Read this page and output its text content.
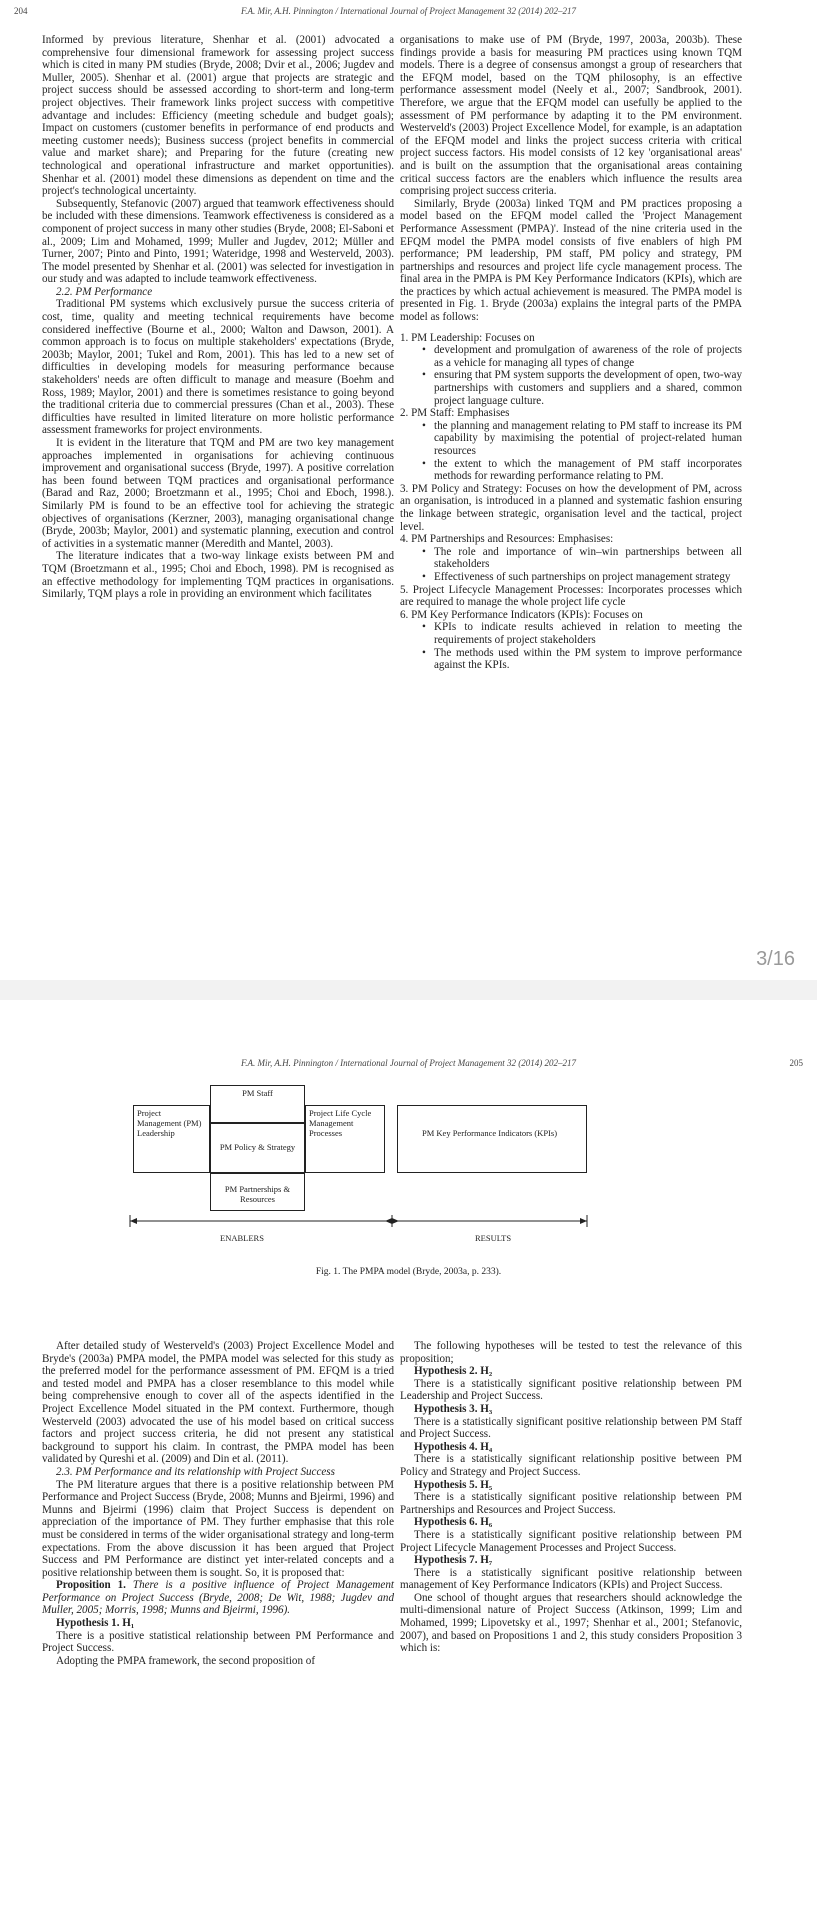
204	F.A. Mir, A.H. Pinnington / International Journal of Project Management 32 (2014) 202–217

Informed by previous literature, Shenhar et al. (2001) advocated a comprehensive four dimensional framework for assessing project success which is cited in many PM studies (Bryde, 2008; Dvir et al., 2006; Jugdev and Muller, 2005). Shenhar et al. (2001) argue that projects are strategic and project success should be assessed according to short-term and long-term project objectives. Their framework links project success with competitive advantage and includes: Efficiency (meeting schedule and budget goals); Impact on customers (customer benefits in performance of end products and meeting customer needs); Business success (project benefits in commercial value and market share); and Preparing for the future (creating new technological and operational infrastructure and market opportunities). Shenhar et al. (2001) model these dimensions as dependent on time and the project's technological uncertainty.

Subsequently, Stefanovic (2007) argued that teamwork effectiveness should be included with these dimensions. Teamwork effectiveness is considered as a component of project success in many other studies (Bryde, 2008; El-Saboni et al., 2009; Lim and Mohamed, 1999; Muller and Jugdev, 2012; Müller and Turner, 2007; Pinto and Pinto, 1991; Wateridge, 1998 and Westerveld, 2003). The model presented by Shenhar et al. (2001) was selected for investigation in our study and was adapted to include teamwork effectiveness.

2.2. PM Performance

Traditional PM systems which exclusively pursue the success criteria of cost, time, quality and meeting technical requirements have become considered ineffective (Bourne et al., 2000; Walton and Dawson, 2001). A common approach is to focus on multiple stakeholders' expectations (Bryde, 2003b; Maylor, 2001; Tukel and Rom, 2001). This has led to a new set of difficulties in developing models for measuring performance because stakeholders' needs are often difficult to manage and measure (Boehm and Ross, 1989; Maylor, 2001) and there is sometimes resistance to going beyond the traditional criteria due to commercial pressures (Chan et al., 2003). These difficulties have resulted in limited literature on more holistic performance assessment frameworks for project environments.

It is evident in the literature that TQM and PM are two key management approaches implemented in organisations for achieving continuous improvement and organisational success (Bryde, 1997). A positive correlation has been found between TQM practices and organisational performance (Barad and Raz, 2000; Broetzmann et al., 1995; Choi and Eboch, 1998.). Similarly PM is found to be an effective tool for achieving the strategic objectives of organisations (Kerzner, 2003), managing organisational change (Bryde, 2003b; Maylor, 2001) and systematic planning, execution and control of activities in a systematic manner (Meredith and Mantel, 2003).

The literature indicates that a two-way linkage exists between PM and TQM (Broetzmann et al., 1995; Choi and Eboch, 1998). PM is recognised as an effective methodology for implementing TQM practices in organisations. Similarly, TQM plays a role in providing an environment which facilitates

organisations to make use of PM (Bryde, 1997, 2003a, 2003b). These findings provide a basis for measuring PM practices using known TQM models. There is a degree of consensus amongst a group of researchers that the EFQM model, based on the TQM philosophy, is an effective performance assessment model (Neely et al., 2007; Sandbrook, 2001). Therefore, we argue that the EFQM model can usefully be applied to the assessment of PM performance by adapting it to the PM environment. Westerveld's (2003) Project Excellence Model, for example, is an adaptation of the EFQM model and links the project success criteria with critical project success factors. His model consists of 12 key 'organisational areas' and is built on the assumption that the organisational areas containing critical success factors are the enablers which influence the results area comprising project success criteria.

Similarly, Bryde (2003a) linked TQM and PM practices proposing a model based on the EFQM model called the 'Project Management Performance Assessment (PMPA)'. Instead of the nine criteria used in the EFQM model the PMPA model consists of five enablers of high PM performance; PM leadership, PM staff, PM policy and strategy, PM partnerships and resources and project life cycle management process. The final area in the PMPA is PM Key Performance Indicators (KPIs), which are the practices by which actual achievement is measured. The PMPA model is presented in Fig. 1. Bryde (2003a) explains the integral parts of the PMPA model as follows:

1. PM Leadership: Focuses on
• development and promulgation of awareness of the role of projects as a vehicle for managing all types of change
• ensuring that PM system supports the development of open, two-way partnerships with customers and suppliers and a shared, common project language culture.
2. PM Staff: Emphasises
• the planning and management relating to PM staff to increase its PM capability by maximising the potential of project-related human resources
• the extent to which the management of PM staff incorporates methods for rewarding performance relating to PM.
3. PM Policy and Strategy: Focuses on how the development of PM, across an organisation, is introduced in a planned and systematic fashion ensuring the linkage between strategic, organisation level and the tactical, project level.
4. PM Partnerships and Resources: Emphasises:
• The role and importance of win–win partnerships between all stakeholders
• Effectiveness of such partnerships on project management strategy
5. Project Lifecycle Management Processes: Incorporates processes which are required to manage the whole project life cycle
6. PM Key Performance Indicators (KPIs): Focuses on
• KPIs to indicate results achieved in relation to meeting the requirements of project stakeholders
• The methods used within the PM system to improve performance against the KPIs.
3/16
F.A. Mir, A.H. Pinnington / International Journal of Project Management 32 (2014) 202–217	205
Project Management (PM) Leadership
PM Staff
PM Policy & Strategy
PM Partnerships & Resources
Project Life Cycle Management Processes	PM Key Performance Indicators (KPIs)
ENABLERS	RESULTS
Fig. 1. The PMPA model (Bryde, 2003a, p. 233).

After detailed study of Westerveld's (2003) Project Excellence Model and Bryde's (2003a) PMPA model, the PMPA model was selected for this study as the preferred model for the performance assessment of PM. EFQM is a tried and tested model and PMPA has a closer resemblance to this model while being comprehensive enough to cover all of the aspects identified in the Project Excellence Model situated in the PM context. Furthermore, though Westerveld (2003) advocated the use of his model based on critical success factors and project success criteria, he did not present any statistical background to support his claim. In contrast, the PMPA model has been validated by Qureshi et al. (2009) and Din et al. (2011).

2.3. PM Performance and its relationship with Project Success

The PM literature argues that there is a positive relationship between PM Performance and Project Success (Bryde, 2008; Munns and Bjeirmi, 1996) and Munns and Bjeirmi (1996) claim that Project Success is dependent on appreciation of the importance of PM. They further emphasise that this role must be considered in terms of the wider organisational strategy and long-term expectations. From the above discussion it has been argued that Project Success and PM Performance are distinct yet inter-related concepts and a positive relationship between them is sought. So, it is proposed that:

Proposition 1. There is a positive influence of Project Management Performance on Project Success (Bryde, 2008; De Wit, 1988; Jugdev and Muller, 2005; Morris, 1998; Munns and Bjeirmi, 1996).

Hypothesis 1. H₁

There is a positive statistical relationship between PM Performance and Project Success.

Adopting the PMPA framework, the second proposition of

The following hypotheses will be tested to test the relevance of this proposition;

Hypothesis 2. H₂

There is a statistically significant positive relationship between PM Leadership and Project Success.

Hypothesis 3. H₃

There is a statistically significant positive relationship between PM Staff and Project Success.

Hypothesis 4. H₄

There is a statistically significant relationship positive between PM Policy and Strategy and Project Success.

Hypothesis 5. H₅

There is a statistically significant positive relationship between PM Partnerships and Resources and Project Success.

Hypothesis 6. H₆

There is a statistically significant positive relationship between PM Project Lifecycle Management Processes and Project Success.

Hypothesis 7. H₇

There is a statistically significant positive relationship between management of Key Performance Indicators (KPIs) and Project Success.

One school of thought argues that researchers should acknowledge the multi-dimensional nature of Project Success (Atkinson, 1999; Lim and Mohamed, 1999; Lipovetsky et al., 1997; Shenhar et al., 2001; Stefanovic, 2007), and based on Propositions 1 and 2, this study considers Proposition 3 which is:
